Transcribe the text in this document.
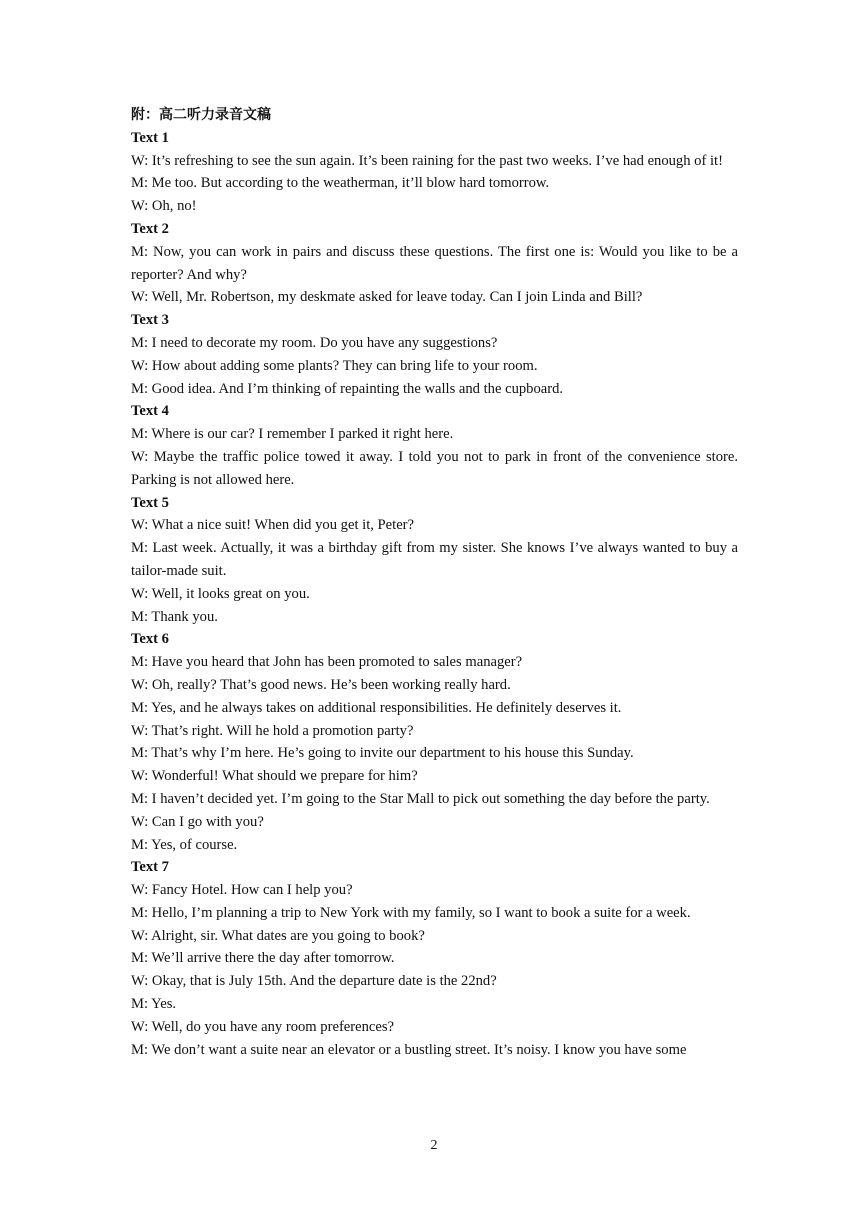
附：高二听力录音文稿
Text 1
W: It’s refreshing to see the sun again. It’s been raining for the past two weeks. I’ve had enough of it!
M: Me too. But according to the weatherman, it’ll blow hard tomorrow.
W: Oh, no!
Text 2
M: Now, you can work in pairs and discuss these questions. The first one is: Would you like to be a reporter? And why?
W: Well, Mr. Robertson, my deskmate asked for leave today. Can I join Linda and Bill?
Text 3
M: I need to decorate my room. Do you have any suggestions?
W: How about adding some plants? They can bring life to your room.
M: Good idea. And I’m thinking of repainting the walls and the cupboard.
Text 4
M: Where is our car? I remember I parked it right here.
W: Maybe the traffic police towed it away. I told you not to park in front of the convenience store. Parking is not allowed here.
Text 5
W: What a nice suit! When did you get it, Peter?
M: Last week. Actually, it was a birthday gift from my sister. She knows I’ve always wanted to buy a tailor-made suit.
W: Well, it looks great on you.
M: Thank you.
Text 6
M: Have you heard that John has been promoted to sales manager?
W: Oh, really? That’s good news. He’s been working really hard.
M: Yes, and he always takes on additional responsibilities. He definitely deserves it.
W: That’s right. Will he hold a promotion party?
M: That’s why I’m here. He’s going to invite our department to his house this Sunday.
W: Wonderful! What should we prepare for him?
M: I haven’t decided yet. I’m going to the Star Mall to pick out something the day before the party.
W: Can I go with you?
M: Yes, of course.
Text 7
W: Fancy Hotel. How can I help you?
M: Hello, I’m planning a trip to New York with my family, so I want to book a suite for a week.
W: Alright, sir. What dates are you going to book?
M: We’ll arrive there the day after tomorrow.
W: Okay, that is July 15th. And the departure date is the 22nd?
M: Yes.
W: Well, do you have any room preferences?
M: We don’t want a suite near an elevator or a bustling street. It’s noisy. I know you have some
2
